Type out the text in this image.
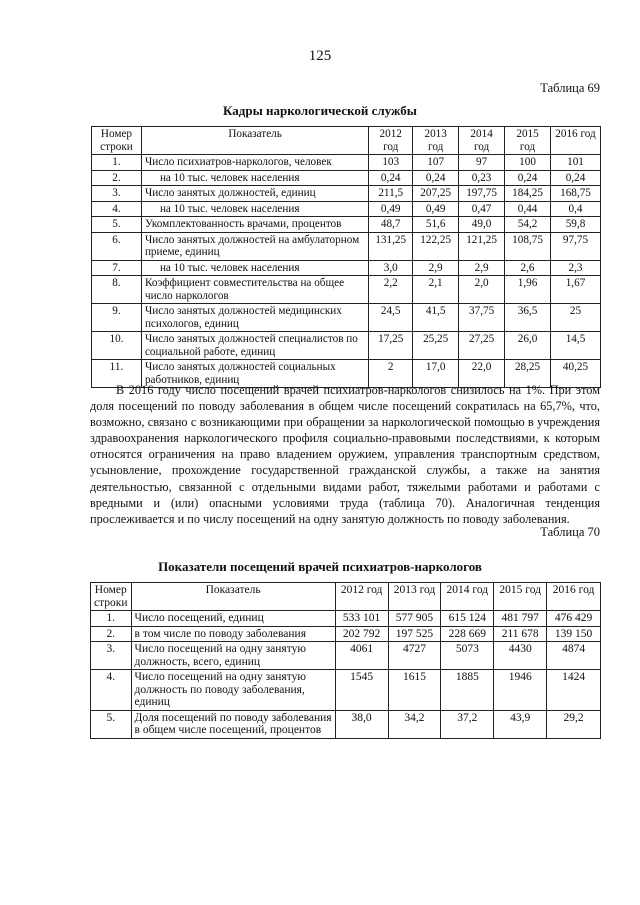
125
Таблица 69
Кадры наркологической службы
Номер строки	Показатель	2012 год	2013 год	2014 год	2015 год	2016 год
1.	Число психиатров-наркологов, человек	103	107	97	100	101
2.	на 10 тыс. человек населения	0,24	0,24	0,23	0,24	0,24
3.	Число занятых должностей, единиц	211,5	207,25	197,75	184,25	168,75
4.	на 10 тыс. человек населения	0,49	0,49	0,47	0,44	0,4
5.	Укомплектованность врачами, процентов	48,7	51,6	49,0	54,2	59,8
6.	Число занятых должностей на амбулаторном приеме, единиц	131,25	122,25	121,25	108,75	97,75
7.	на 10 тыс. человек населения	3,0	2,9	2,9	2,6	2,3
8.	Коэффициент совместительства на общее число наркологов	2,2	2,1	2,0	1,96	1,67
9.	Число занятых должностей медицинских психологов, единиц	24,5	41,5	37,75	36,5	25
10.	Число занятых должностей специалистов по социальной работе, единиц	17,25	25,25	27,25	26,0	14,5
11.	Число занятых должностей социальных работников, единиц	2	17,0	22,0	28,25	40,25

В 2016 году число посещений врачей психиатров-наркологов снизилось на 1%. При этом доля посещений по поводу заболевания в общем числе посещений сократилась на 65,7%, что, возможно, связано с возникающими при обращении за наркологической помощью в учреждения здравоохранения наркологического профиля социально-правовыми последствиями, к которым относятся ограничения на право владением оружием, управления транспортным средством, усыновление, прохождение государственной гражданской службы, а также на занятия деятельностью, связанной с отдельными видами работ, тяжелыми работами и работами с вредными и (или) опасными условиями труда (таблица 70). Аналогичная тенденция прослеживается и по числу посещений на одну занятую должность по поводу заболевания.

Таблица 70
Показатели посещений врачей психиатров-наркологов
Номер строки	Показатель	2012 год	2013 год	2014 год	2015 год	2016 год
1.	Число посещений, единиц	533 101	577 905	615 124	481 797	476 429
2.	в том числе по поводу заболевания	202 792	197 525	228 669	211 678	139 150
3.	Число посещений на одну занятую должность, всего, единиц	4061	4727	5073	4430	4874
4.	Число посещений на одну занятую должность по поводу заболевания, единиц	1545	1615	1885	1946	1424
5.	Доля посещений по поводу заболевания в общем числе посещений, процентов	38,0	34,2	37,2	43,9	29,2
